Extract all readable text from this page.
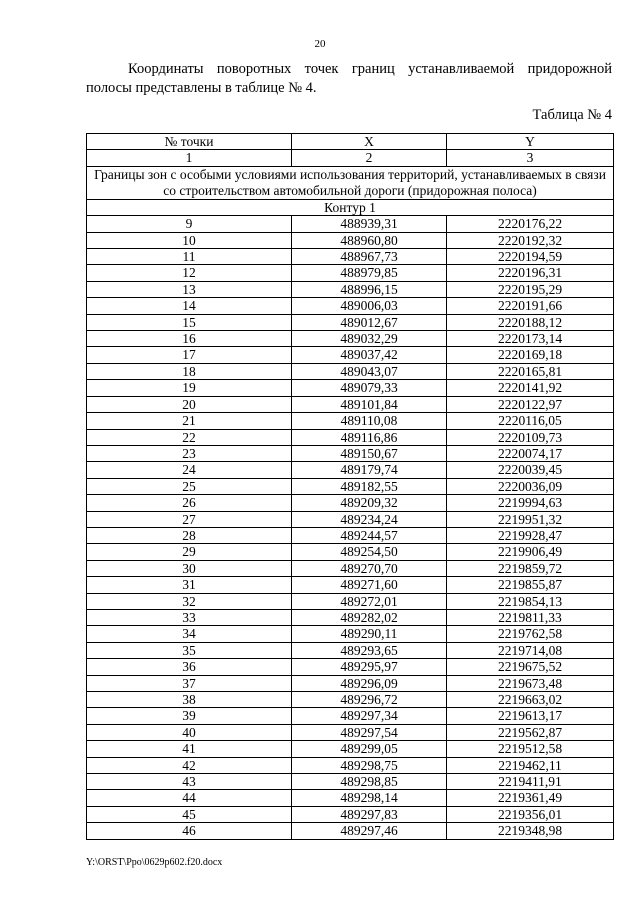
20

Координаты поворотных точек границ устанавливаемой придорожной полосы представлены в таблице № 4.

Таблица № 4
№ точки	X	Y
1	2	3
Границы зон с особыми условиями использования территорий, устанавливаемых в связи со строительством автомобильной дороги (придорожная полоса)		
Контур 1		
9	488939,31	2220176,22
10	488960,80	2220192,32
11	488967,73	2220194,59
12	488979,85	2220196,31
13	488996,15	2220195,29
14	489006,03	2220191,66
15	489012,67	2220188,12
16	489032,29	2220173,14
17	489037,42	2220169,18
18	489043,07	2220165,81
19	489079,33	2220141,92
20	489101,84	2220122,97
21	489110,08	2220116,05
22	489116,86	2220109,73
23	489150,67	2220074,17
24	489179,74	2220039,45
25	489182,55	2220036,09
26	489209,32	2219994,63
27	489234,24	2219951,32
28	489244,57	2219928,47
29	489254,50	2219906,49
30	489270,70	2219859,72
31	489271,60	2219855,87
32	489272,01	2219854,13
33	489282,02	2219811,33
34	489290,11	2219762,58
35	489293,65	2219714,08
36	489295,97	2219675,52
37	489296,09	2219673,48
38	489296,72	2219663,02
39	489297,34	2219613,17
40	489297,54	2219562,87
41	489299,05	2219512,58
42	489298,75	2219462,11
43	489298,85	2219411,91
44	489298,14	2219361,49
45	489297,83	2219356,01
46	489297,46	2219348,98
Y:\ORST\Ppo\0629p602.f20.docx
